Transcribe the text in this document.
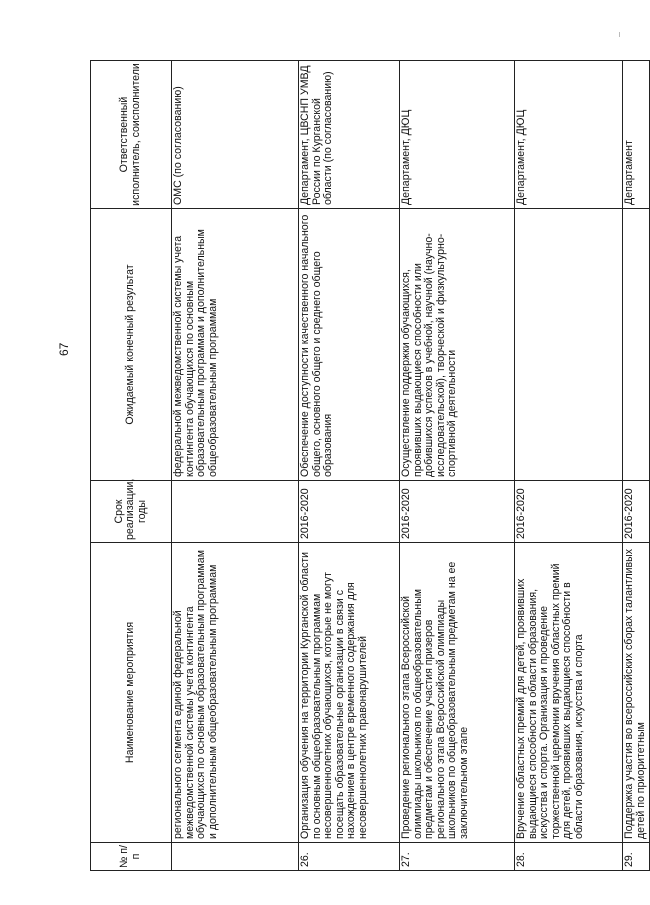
67
№ п/п	Наименование мероприятия	Срок реализации, годы	Ожидаемый конечный результат	Ответственный исполнитель, соисполнители
	регионального сегмента единой федеральной межведомственной системы учета контингента обучающихся по основным образовательным программам и дополнительным общеобразовательным программам		федеральной межведомственной системы учета контингента обучающихся по основным образовательным программам и дополнительным общеобразовательным программам	ОМС (по согласованию)
26.	Организация обучения на территории Курганской области по основным общеобразовательным программам несовершеннолетних обучающихся, которые не могут посещать образовательные организации в связи с нахождением в центре временного содержания для несовершеннолетних правонарушителей	2016-2020	Обеспечение доступности качественного начального общего, основного общего и среднего общего образования	Департамент, ЦВСНП УМВД России по Курганской области (по согласованию)
27.	Проведение регионального этапа Всероссийской олимпиады школьников по общеобразовательным предметам и обеспечение участия призеров регионального этапа Всероссийской олимпиады школьников по общеобразовательным предметам на ее заключительном этапе	2016-2020	Осуществление поддержки обучающихся, проявивших выдающиеся способности или добившихся успехов в учебной, научной (научно-исследовательской), творческой и физкультурно-спортивной деятельности	Департамент, ДЮЦ
28.	Вручение областных премий для детей, проявивших выдающиеся способности в области образования, искусства и спорта. Организация и проведение торжественной церемонии вручения областных премий для детей, проявивших выдающиеся способности в области образования, искусства и спорта	2016-2020		Департамент, ДЮЦ
29.	Поддержка участия во всероссийских сборах талантливых детей по приоритетным	2016-2020		Департамент
